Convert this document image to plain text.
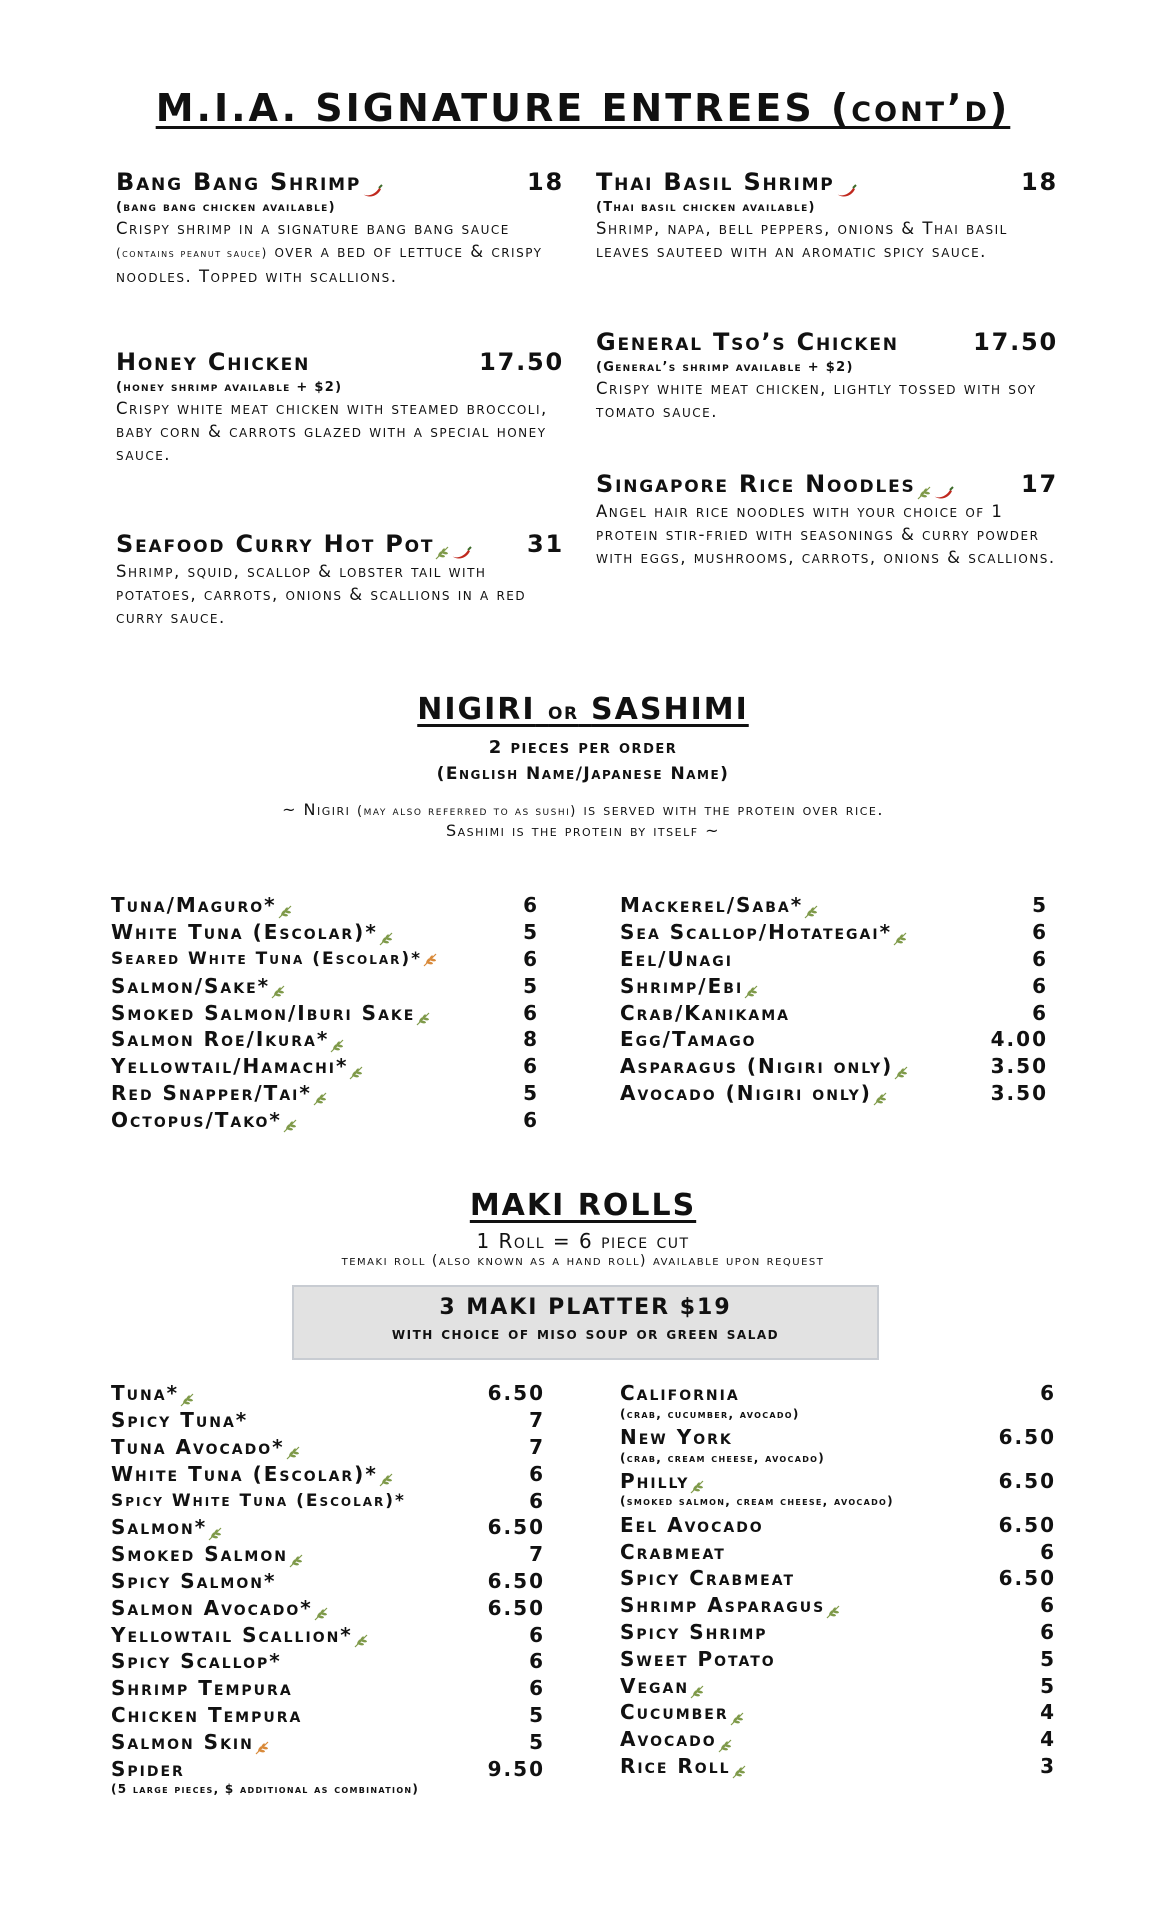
M.I.A. SIGNATURE ENTREES (cont’d)
Bang Bang Shrimp	18
(bang bang chicken available)
Crispy shrimp in a signature bang bang sauce (contains peanut sauce) over a bed of lettuce & crispy noodles. Topped with scallions.
Honey Chicken	17.50
(honey shrimp available + $2)
Crispy white meat chicken with steamed broccoli, baby corn & carrots glazed with a special honey sauce.
Seafood Curry Hot Pot	31
Shrimp, squid, scallop & lobster tail with potatoes, carrots, onions & scallions in a red curry sauce.
Thai Basil Shrimp	18
(Thai basil chicken available)
Shrimp, napa, bell peppers, onions & Thai basil leaves sauteed with an aromatic spicy sauce.
General Tso’s Chicken	17.50
(General’s shrimp available + $2)
Crispy white meat chicken, lightly tossed with soy tomato sauce.
Singapore Rice Noodles	17
Angel hair rice noodles with your choice of 1 protein stir-fried with seasonings & curry powder with eggs, mushrooms, carrots, onions & scallions.
NIGIRI or SASHIMI
2 pieces per order
(English Name/Japanese Name)
~ Nigiri (may also referred to as sushi) is served with the protein over rice.
Sashimi is the protein by itself ~
Tuna/Maguro*	6
White Tuna (Escolar)*	5
Seared White Tuna (Escolar)*	6
Salmon/Sake*	5
Smoked Salmon/Iburi Sake	6
Salmon Roe/Ikura*	8
Yellowtail/Hamachi*	6
Red Snapper/Tai*	5
Octopus/Tako*	6
Mackerel/Saba*	5
Sea Scallop/Hotategai*	6
Eel/Unagi	6
Shrimp/Ebi	6
Crab/Kanikama	6
Egg/Tamago	4.00
Asparagus (Nigiri only)	3.50
Avocado (Nigiri only)	3.50
MAKI ROLLS
1 Roll = 6 piece cut
temaki roll (also known as a hand roll) available upon request
3 MAKI PLATTER $19
with choice of miso soup or green salad
Tuna*	6.50
Spicy Tuna*	7
Tuna Avocado*	7
White Tuna (Escolar)*	6
Spicy White Tuna (Escolar)*	6
Salmon*	6.50
Smoked Salmon	7
Spicy Salmon*	6.50
Salmon Avocado*	6.50
Yellowtail Scallion*	6
Spicy Scallop*	6
Shrimp Tempura	6
Chicken Tempura	5
Salmon Skin	5
Spider	9.50
(5 large pieces, $ additional as combination)
California	6
(crab, cucumber, avocado)
New York	6.50
(crab, cream cheese, avocado)
Philly	6.50
(smoked salmon, cream cheese, avocado)
Eel Avocado	6.50
Crabmeat	6
Spicy Crabmeat	6.50
Shrimp Asparagus	6
Spicy Shrimp	6
Sweet Potato	5
Vegan	5
Cucumber	4
Avocado	4
Rice Roll	3
